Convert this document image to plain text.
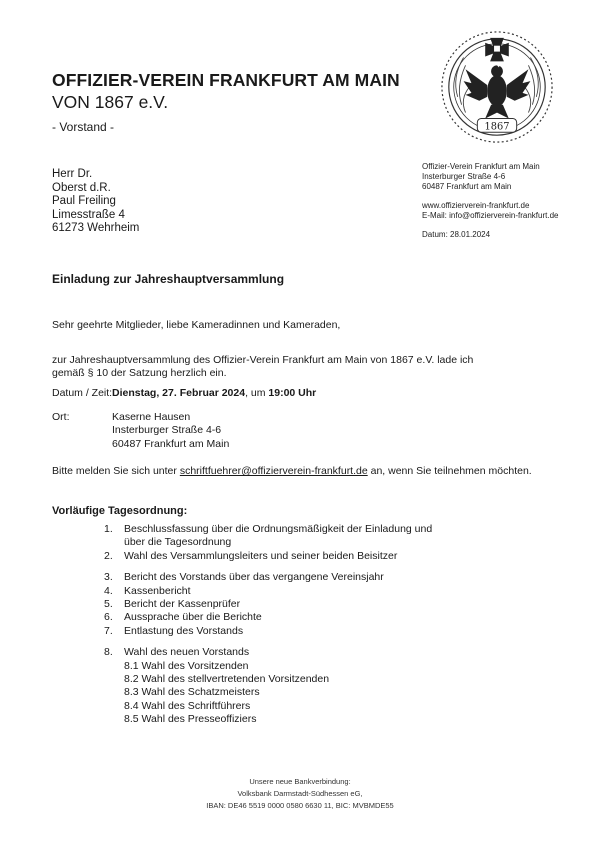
OFFIZIER-VEREIN FRANKFURT AM MAIN
VON 1867 e.V.
- Vorstand -	1867
Herr Dr.
Oberst d.R.
Paul Freiling
Limesstraße 4
61273 Wehrheim
Offizier-Verein Frankfurt am Main
Insterburger Straße 4-6
60487 Frankfurt am Main
www.offizierverein-frankfurt.de
E-Mail: info@offizierverein-frankfurt.de
Datum: 28.01.2024
Einladung zur Jahreshauptversammlung
Sehr geehrte Mitglieder, liebe Kameradinnen und Kameraden,
zur Jahreshauptversammlung des Offizier-Verein Frankfurt am Main von 1867 e.V. lade ich
gemäß § 10 der Satzung herzlich ein.
Datum / Zeit: Dienstag, 27. Februar 2024, um 19:00 Uhr
Ort:	Kaserne Hausen
Insterburger Straße 4-6
60487 Frankfurt am Main
Bitte melden Sie sich unter schriftfuehrer@offizierverein-frankfurt.de an, wenn Sie teilnehmen möchten.
Vorläufige Tagesordnung:
1.	Beschlussfassung über die Ordnungsmäßigkeit der Einladung und
über die Tagesordnung
2.	Wahl des Versammlungsleiters und seiner beiden Beisitzer
3.	Bericht des Vorstands über das vergangene Vereinsjahr
4.	Kassenbericht
5.	Bericht der Kassenprüfer
6.	Aussprache über die Berichte
7.	Entlastung des Vorstands
8.	Wahl des neuen Vorstands
8.1 Wahl des Vorsitzenden
8.2 Wahl des stellvertretenden Vorsitzenden
8.3 Wahl des Schatzmeisters
8.4 Wahl des Schriftführers
8.5 Wahl des Presseoffiziers
Unsere neue Bankverbindung:
Volksbank Darmstadt-Südhessen eG,
IBAN: DE46 5519 0000 0580 6630 11, BIC: MVBMDE55
